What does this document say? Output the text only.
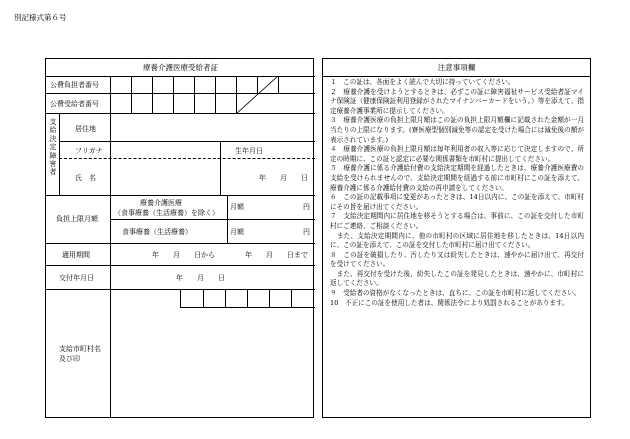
別記様式第６号
療養介護医療受給者証
公費負担者番号
公費受給者番号
支給決定障害者
居住地
フリガナ	生年月日
氏　名	年　　月　　日
負担上限月額
療養介護医療
（食事療養（生活療養）を除く）
月額	円
食事療養（生活療養）	月額	円
適用期間	年　　月　　日から	年　　月　　日まで
交付年月日	年　　月　　日
支給市町村名
及び印
注意事項欄

１　この証は、各面をよく読んで大切に持っていてください。

２　療養介護を受けようとするときは、必ずこの証に障害福祉サービス受給者証マイナ保険証（健康保険証利用登録がされたマイナンバーカードをいう。）等を添えて、指定療養介護事業所に提示してください。

３　療養介護医療の負担上限月額はこの証の負担上限月額欄に記載された金額が一月当たりの上限になります。(寮医療型個別減免等の認定を受けた場合には減免後の額が表示されています。)

４　療養介護医療の負担上限月額は毎年利用者の収入等に応じて決定しますので、所定の時期に、この証と認定に必要な関係書類を市町村に提出してください。

５　療養介護に係る介護給付費の支給決定期間を経過したときは、療養介護医療費の支給を受けられませんので、支給決定期間を経過する前に市町村にこの証を添えて、療養介護に係る介護給付費の支給の再申請をしてください。

６　この証の記載事項に変更があったときは、14日以内に、この証を添えて、市町村にその旨を届け出てください。

７　支給決定期間内に居住地を移そうとする場合は、事前に、この証を交付した市町村にご連絡、ご相談ください。

　また、支給決定期間内に、他の市町村の区域に居住地を移したときは、14日以内に、この証を添えて、この証を交付した市町村に届け出てください。

８　この証を破損したり、汚したり又は紛失したときは、速やかに届け出て、再交付を受けてください。

　また、再交付を受けた後、紛失したこの証を発見したときは、速やかに、市町村に返してください。

９　受給者の資格がなくなったときは、直ちに、この証を市町村に返してください。

10　不正にこの証を使用した者は、関係法令により処罰されることがあります。
